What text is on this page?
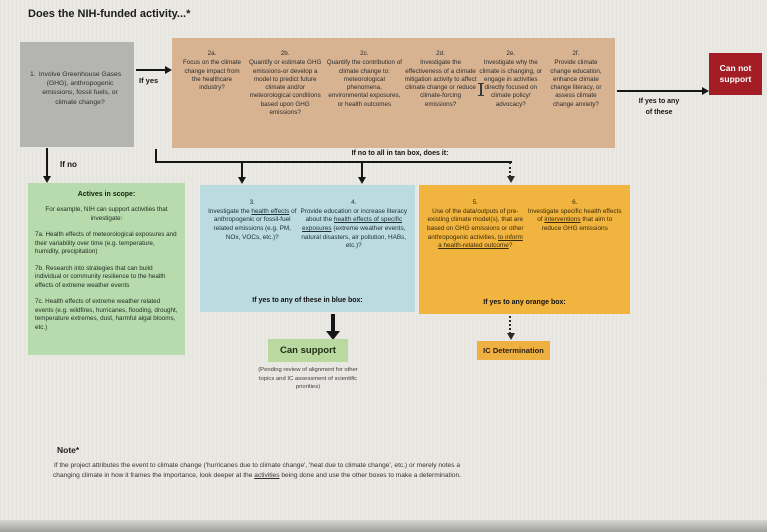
Does the NIH-funded activity...*
1. Involve Greenhouse Gases (GHG), anthropogenic emissions, fossil fuels, or climate change?
If yes
2a.
Focus on the climate change impact from the healthcare industry?
2b.
Quantify or estimate GHG emissions-or develop a model to predict future climate and/or meteorological conditions based upon GHG emissions?
2c.
Quantify the contribution of climate change to: meteorological phenomena, environmental exposures, or health outcomes
2d.
Investigate the effectiveness of a climate mitigation activity to affect climate change or reduce climate-forcing emissions?
2e.
Investigate why the climate is changing, or engage in activities directly focused on climate policy/ advocacy?
2f.
Provide climate change education, enhance climate change literacy, or assess climate change anxiety?	If yes to any of these
Can not support
If no
Actives in scope:
For example, NIH can support activities that investigate:
7a. Health effects of meteorological exposures and their variability over time (e.g. temperature, humidity, precipitation)
7b. Research into strategies that can build individual or community resilience to the health effects of extreme weather events
7c. Health effects of extreme weather related events (e.g. wildfires, hurricanes, flooding, drought, temperature extremes, dust, harmful algal blooms, etc.)
If no to all in tan box, does it:
3.
Investigate the health effects of anthropogenic or fossil-fuel related emissions (e.g. PM, NOx, VOCs, etc.)?
4.
Provide education or increase literacy about the health effects of specific exposures (extreme weather events, natural disasters, air pollution, HABs, etc.)?
If yes to any of these in blue box:
5.
Use of the data/outputs of pre-existing climate model(s), that are based on GHG emissions or other anthropogenic activities, to inform a health-related outcome?
6.
Investigate specific health effects of interventions that aim to reduce GHG emissions
If yes to any orange box:
Can support
(Pending review of alignment for other topics and IC assessment of scientific priorities)
IC Determination
Note*
If the project attributes the event to climate change ('hurricanes due to climate change', 'heat due to climate change', etc.) or merely notes a changing climate in how it frames the importance, look deeper at the activities being done and use the other boxes to make a determination.
